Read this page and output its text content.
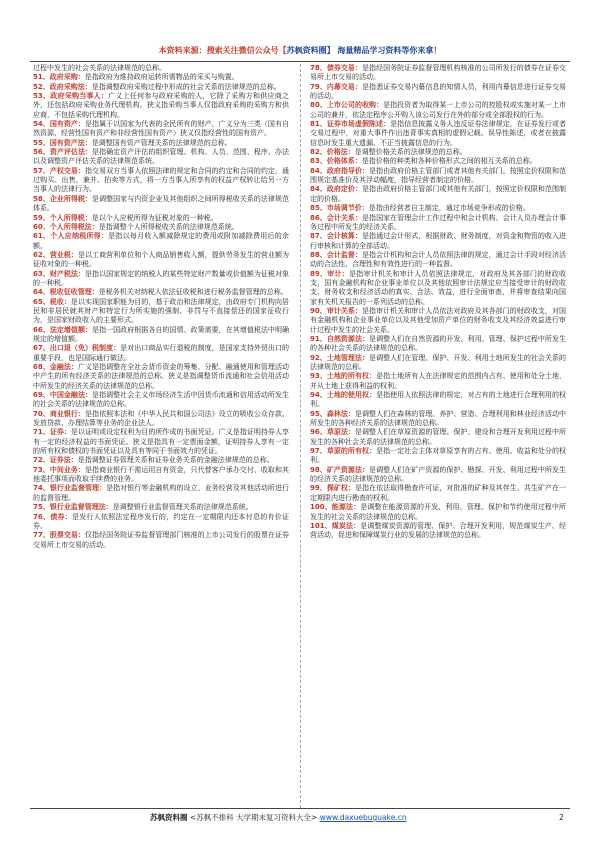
本资料来源：搜索关注微信公众号【苏枫资料圈】 海量精品学习资料等你来拿！

过程中发生的社会关系的法律规范的总称。

51、政府采购：是指政府为维持政府运转所需物品的采买与购置。

52、政府采购法：是指调整政府采购过程中形成的社会关系的法律规范的总称。

53、政府采购当事人：广义上任何参与政府采购的人，它除了采购方和供应商之外，还包括政府采购业务代理机构。狭义指采购当事人仅指政府采购的采购方和供应商，不包括采购代理机构。

54、国有资产：是指属于以国家为代表的全民所有的财产，广义分为三类（国有自然资源、经营性国有资产和非经营性国有资产）狭义仅指经营性的国有资产。

55、国有资产法：是调整国有资产管理关系的法律规范的总称。

56、资产评估法：是指确定资产评估的组织管理、机构、人员、范围、程序、办法以及调整资产评估关系的法律规范系统。

57、产权交易：指交易双方当事人依照法律的规定和合同的约定和合同的约定，通过购买、出售、兼并、拍卖等方式，将一方当事人所享有的权益产权转让给另一方当事人的法律行为。

58、企业所得税：是调整国家与内资企业及其他组织之间所得税收关系的法律规范体系。

59、个人所得税：是以个人应税所得为征税对象的一种税。

60、个人所得税法：是指调整个人所得税收关系的法律规范系统。

61、个人应纳税所得：是指以每月收入额减除规定的费用或附加减除费用后的余额。

62、营业税：是以工商营利单位和个人商品销售收入额，提供劳务发生的营业额为征收对象的一种税。

63、财产税法：是指以国家规定的纳税人的某些特定财产数量或价值额为征税对象的一种税。

64、税收征收管理：是税务机关对纳税人依法征收税和进行税务监督管理的总称。

65、税收：是以实现国家职能为目的，基于政治和法律规定，由政府专门机构向居民和非居民就其财产和特定行为所实施的强制、非罚与不直接偿还的国家征收行为，是国家财政收入的主要形式。

66、法定增值额：是指一国政府根据各自的国情、政策需要，在其增值税法中明确规定的增值额。

67、出口退（免）税制度：是对出口商品实行退税的制度，是国家支持外贸出口的重要手段，也是国际通行做法。

68、金融法：广义是指调整在全社会货币资金的筹集、分配、融通使用和管理活动中产生的所有经济关系的法律规范的总称。狭义是指调整货币流通和社会信用活动中所发生的经济关系的法律规范的总称。

69、中国金融法：是指调整社会主义市场经济生活中因货币流通和信用活动所发生的社会关系的法律规范的总称。

70、商业银行：是指依照本法和《中华人民共和国公司法》设立的吸收公众存款、发放贷款、办理结算等业务的企业法人。

71、证券：是以证明或设定权利为目的所作成的书面凭证。广义是指证明持券人享有一定的经济权益的书面凭证。狭义是指具有一定票面金额，证明持券人享有一定的所有权和债权的书面凭证以及具有等同于书面效力的凭证。

72、证券法：是指调整证券管理关系和证券业务关系的金融法律规范的总称。

73、中间业务：是指商业银行不需运用自有资金，只代替客户承办交付、收取和其他委托事项而收取手续费的业务。

74、银行业监督管理：是指对银行等金融机构的设立、业务经营及其他活动所进行的监督管理。

75、银行业监督管理法：是调整银行业监督管理关系的法律规范系统。

76、债券：是发行人依照法定程序发行的，约定在一定期限内还本付息的有价证券。

77、股票交易：仅指经国务院证券监督管理部门核准的上市公司发行的股票在证券交易所上市交易的活动。

78、债券交易：是指经国务院证券监督管理机构核准的公司所发行的债券在证券交易所上市交易的活动。

79、内幕交易：是指悉证券交易内幕信息的知情人员，利用内幕信息进行证券交易的活动。

80、上市公司的收购：是指投资者为取得某一上市公司的控股权或实施对某一上市公司的兼并，依法定程序公开购入该公司发行在外的部分或全部股权的行为。

81、证券市场虚假陈述：是指信息披露义务人违反证券法律规定，在证券发行或者交易过程中，对重大事件作出违背事实真相的虚假记载、误导性陈述，或者在披露信息时发生重大遗漏、不正当披露信息的行为。

82、价格法：是调整价格关系的法律规范的总称。

83、价格体系：是指价格的种类和各种价格形式之间的相互关系的总称。

84、政府指导价：是指由政府价格主管部门或者其他有关部门，按照定价权限和范围规定基准价及其浮动幅度，指导经营者制定的价格。

84、政府定价：是指由政府价格主管部门或其他有关部门，按照定价权限和范围制定的价格。

85、市场调节价：是指由经营者自主制定，通过市场竞争形成的价格。

86、会计关系：是指国家在管理会计工作过程中和会计机构、会计人员办理会计事务过程中所发生的经济关系。

87、会计核算：是指通过会计形式，根据财政、财务制度，对资金和物资的收入进行审核和计算的全部活动。

88、会计监督：是指会计机构和会计人员依照法律的规定，通过会计手段对经济活动的合法性、合理性和有效性进行的一种监督。

89、审计：是指审计机关和审计人员依照法律规定，对政府及其各部门的财政收支，国有金融机构和企业事业单位以及其他依照审计法规定应当接受审计的财政收支、财务收支和经济活动的真实、合法、效益，进行全面审查，并将审查结果向国家有关机关报告的一系列活动的总称。

90、审计关系：是指审计机关和审计人员依法对政府及其各部门的财政收支，对国有金融机构和企业事业单位以及其他受加资产单位的财务收支及其经济效益进行审计过程中发生的社会关系。

91、自然资源法：是调整人们在自然资源的开发、利用、管理、保护过程中所发生的各种社会关系的法律规范的总称。

92、土地管理法：是调整人们在管理、保护、开发、利用土地所发生的社会关系的法律规范的总称。

93、土地的所有权：是指土地所有人在法律规定的范围内占有、使用和处分土地，并从土地上获得利益的权利。

94、土地的使用权：是指使用人依照法律的规定，对占有的土地进行合理利用的权利。

95、森林法：是调整人们在森林的管理、养护、营造、合理利用和林业经济活动中所发生的各种经济关系的法律规范的总称。

96、草原法：是调整人们在草原资源的管理、保护、建设和合理开发利用过程中所发生的各种社会关系的法律规范的总称。

97、草原的所有权：是指一定社会主体对草原享有的占有、使用、收益和处分的权利。

98、矿产资源法：是调整人们在矿产资源的保护、勘探、开发、利用过程中所发生的经济关系的法律规范的总称。

99、探矿权：是指在依法取得勘查许可证，对批准的矿种及其伴生、共生矿产在一定期限内进行勘查的权利。

100、能源法：是调整在能源资源的开发、利用、管理、保护和节约使用过程中所发生的社会关系的法律规范的总称。

101、煤炭法：是调整煤炭资源的管理、保护、合理开发利用，规范煤炭生产、经营活动，促进和保障煤炭行业的发展的法律规范的总称。

苏枫资料圈 <苏枫不排科 大学期末复习资料大全> www.daxuebuguake.cn	2
